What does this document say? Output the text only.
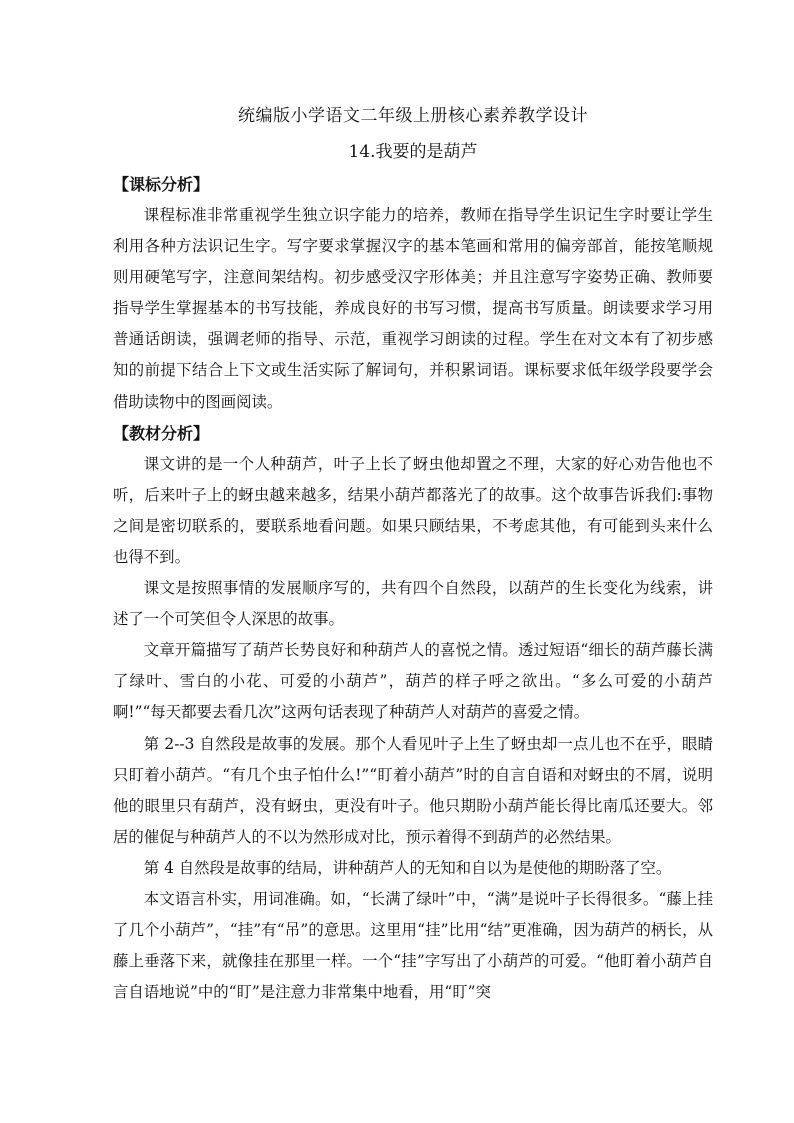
统编版小学语文二年级上册核心素养教学设计

14.我要的是葫芦

【课标分析】

课程标准非常重视学生独立识字能力的培养，教师在指导学生识记生字时要让学生利用各种方法识记生字。写字要求掌握汉字的基本笔画和常用的偏旁部首，能按笔顺规则用硬笔写字，注意间架结构。初步感受汉字形体美；并且注意写字姿势正确、教师要指导学生掌握基本的书写技能，养成良好的书写习惯，提高书写质量。朗读要求学习用普通话朗读，强调老师的指导、示范，重视学习朗读的过程。学生在对文本有了初步感知的前提下结合上下文或生活实际了解词句，并积累词语。课标要求低年级学段要学会借助读物中的图画阅读。

【教材分析】

课文讲的是一个人种葫芦，叶子上长了蚜虫他却置之不理，大家的好心劝告他也不听，后来叶子上的蚜虫越来越多，结果小葫芦都落光了的故事。这个故事告诉我们:事物之间是密切联系的，要联系地看问题。如果只顾结果，不考虑其他，有可能到头来什么也得不到。

课文是按照事情的发展顺序写的，共有四个自然段，以葫芦的生长变化为线索，讲述了一个可笑但令人深思的故事。

文章开篇描写了葫芦长势良好和种葫芦人的喜悦之情。透过短语“细长的葫芦藤长满了绿叶、雪白的小花、可爱的小葫芦”，葫芦的样子呼之欲出。“多么可爱的小葫芦啊!”“每天都要去看几次”这两句话表现了种葫芦人对葫芦的喜爱之情。

第 2--3 自然段是故事的发展。那个人看见叶子上生了蚜虫却一点儿也不在乎，眼睛只盯着小葫芦。“有几个虫子怕什么!”“盯着小葫芦”时的自言自语和对蚜虫的不屑，说明他的眼里只有葫芦，没有蚜虫，更没有叶子。他只期盼小葫芦能长得比南瓜还要大。邻居的催促与种葫芦人的不以为然形成对比，预示着得不到葫芦的必然结果。

第 4 自然段是故事的结局，讲种葫芦人的无知和自以为是使他的期盼落了空。

本文语言朴实，用词准确。如，“长满了绿叶”中，“满”是说叶子长得很多。“藤上挂了几个小葫芦”，“挂”有“吊”的意思。这里用“挂”比用“结”更准确，因为葫芦的柄长，从藤上垂落下来，就像挂在那里一样。一个“挂”字写出了小葫芦的可爱。“他盯着小葫芦自言自语地说”中的“盯”是注意力非常集中地看，用“盯”突
